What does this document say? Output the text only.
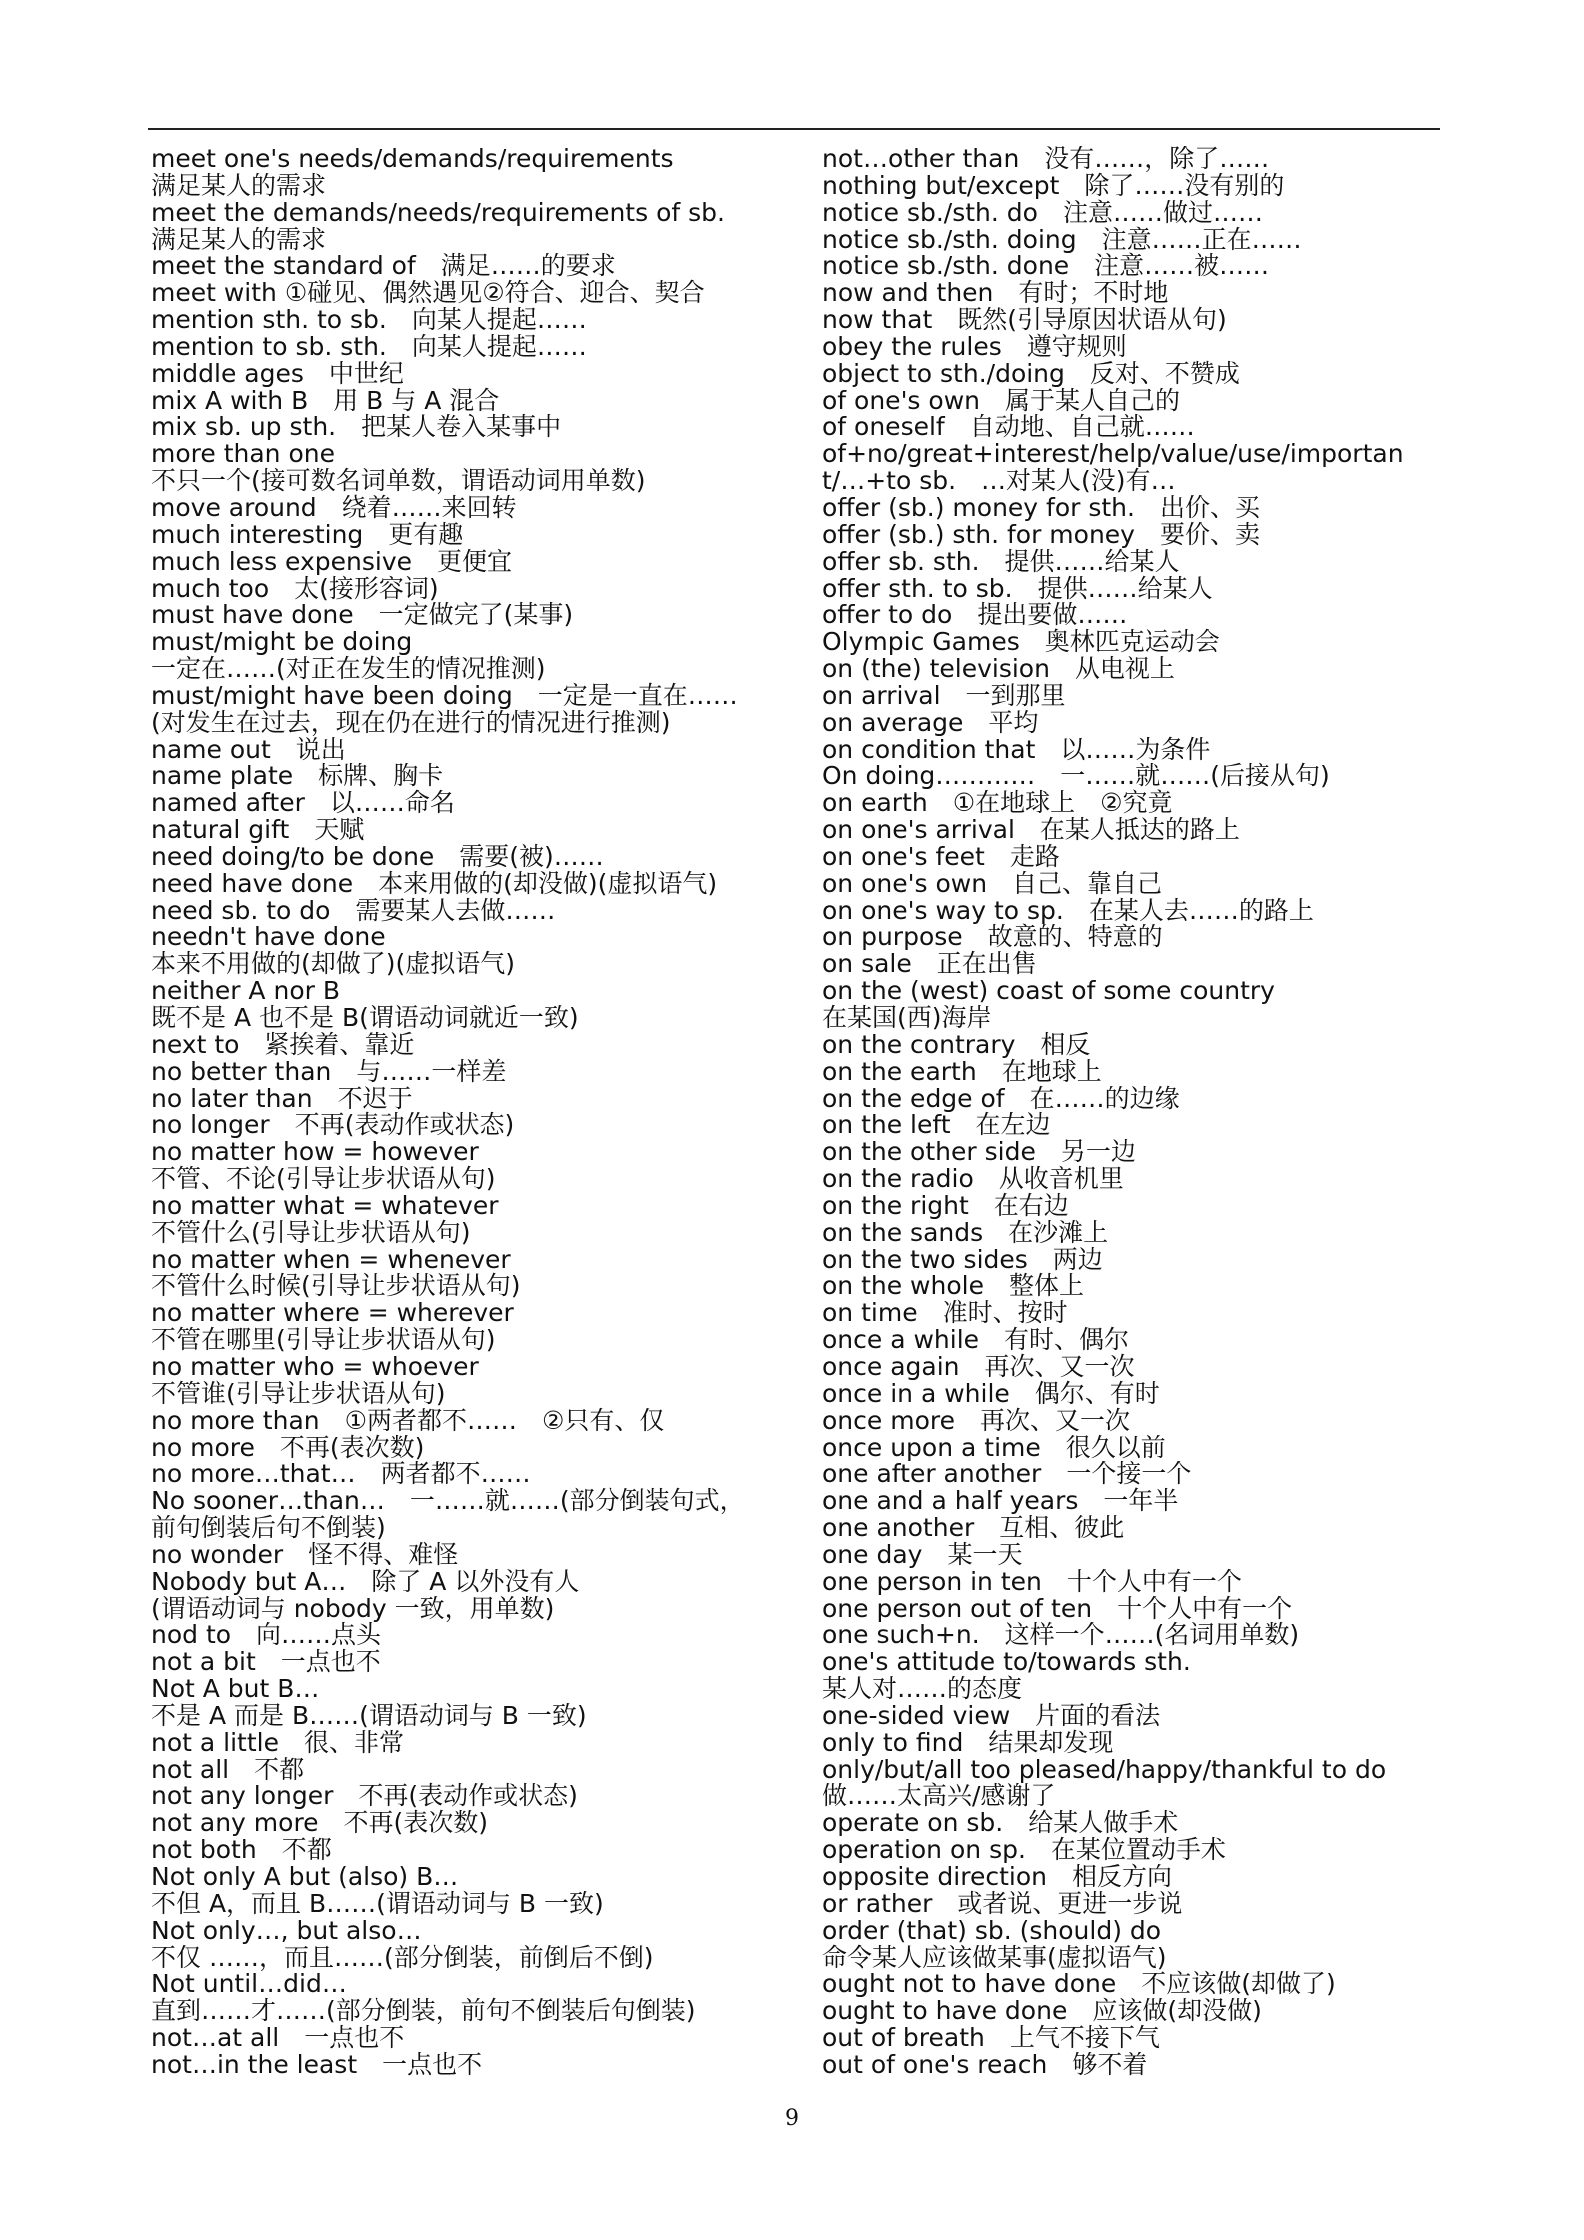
meet one's needs/demands/requirements
满足某人的需求
meet the demands/needs/requirements of sb.
满足某人的需求
meet the standard of　满足……的要求
meet with ①碰见、偶然遇见②符合、迎合、契合
mention sth. to sb.　向某人提起……
mention to sb. sth.　向某人提起……
middle ages　中世纪
mix A with B　用 B 与 A 混合
mix sb. up sth.　把某人卷入某事中
more than one
不只一个(接可数名词单数，谓语动词用单数)
move around　绕着……来回转
much interesting　更有趣
much less expensive　更便宜
much too　太(接形容词)
must have done　一定做完了(某事)
must/might be doing
一定在……(对正在发生的情况推测)
must/might have been doing　一定是一直在……
(对发生在过去，现在仍在进行的情况进行推测)
name out　说出
name plate　标牌、胸卡
named after　以……命名
natural gift　天赋
need doing/to be done　需要(被)……
need have done　本来用做的(却没做)(虚拟语气)
need sb. to do　需要某人去做……
needn't have done
本来不用做的(却做了)(虚拟语气)
neither A nor B
既不是 A 也不是 B(谓语动词就近一致)
next to　紧挨着、靠近
no better than　与……一样差
no later than　不迟于
no longer　不再(表动作或状态)
no matter how = however
不管、不论(引导让步状语从句)
no matter what = whatever
不管什么(引导让步状语从句)
no matter when = whenever
不管什么时候(引导让步状语从句)
no matter where = wherever
不管在哪里(引导让步状语从句)
no matter who = whoever
不管谁(引导让步状语从句)
no more than　①两者都不……　②只有、仅
no more　不再(表次数)
no more…that…　两者都不……
No sooner…than…　一……就……(部分倒装句式，
前句倒装后句不倒装)
no wonder　怪不得、难怪
Nobody but A…　除了 A 以外没有人
(谓语动词与 nobody 一致，用单数)
nod to　向……点头
not a bit　一点也不
Not A but B…
不是 A 而是 B……(谓语动词与 B 一致)
not a little　很、非常
not all　不都
not any longer　不再(表动作或状态)
not any more　不再(表次数)
not both　不都
Not only A but (also) B…
不但 A，而且 B……(谓语动词与 B 一致)
Not only…, but also…
不仅 ……，而且……(部分倒装，前倒后不倒)
Not until…did…
直到……才……(部分倒装，前句不倒装后句倒装)
not…at all　一点也不
not…in the least　一点也不
not…other than　没有……，除了……
nothing but/except　除了……没有别的
notice sb./sth. do　注意……做过……
notice sb./sth. doing　注意……正在……
notice sb./sth. done　注意……被……
now and then　有时；不时地
now that　既然(引导原因状语从句)
obey the rules　遵守规则
object to sth./doing　反对、不赞成
of one's own　属于某人自己的
of oneself　自动地、自己就……
of+no/great+interest/help/value/use/importan
t/…+to sb.　…对某人(没)有…
offer (sb.) money for sth.　出价、买
offer (sb.) sth. for money　要价、卖
offer sb. sth.　提供……给某人
offer sth. to sb.　提供……给某人
offer to do　提出要做……
Olympic Games　奥林匹克运动会
on (the) television　从电视上
on arrival　一到那里
on average　平均
on condition that　以……为条件
On doing…………　一……就……(后接从句)
on earth　①在地球上　②究竟
on one's arrival　在某人抵达的路上
on one's feet　走路
on one's own　自己、靠自己
on one's way to sp.　在某人去……的路上
on purpose　故意的、特意的
on sale　正在出售
on the (west) coast of some country
在某国(西)海岸
on the contrary　相反
on the earth　在地球上
on the edge of　在……的边缘
on the left　在左边
on the other side　另一边
on the radio　从收音机里
on the right　在右边
on the sands　在沙滩上
on the two sides　两边
on the whole　整体上
on time　准时、按时
once a while　有时、偶尔
once again　再次、又一次
once in a while　偶尔、有时
once more　再次、又一次
once upon a time　很久以前
one after another　一个接一个
one and a half years　一年半
one another　互相、彼此
one day　某一天
one person in ten　十个人中有一个
one person out of ten　十个人中有一个
one such+n.　这样一个……(名词用单数)
one's attitude to/towards sth.
某人对……的态度
one-sided view　片面的看法
only to find　结果却发现
only/but/all too pleased/happy/thankful to do
做……太高兴/感谢了
operate on sb.　给某人做手术
operation on sp.　在某位置动手术
opposite direction　相反方向
or rather　或者说、更进一步说
order (that) sb. (should) do
命令某人应该做某事(虚拟语气)
ought not to have done　不应该做(却做了)
ought to have done　应该做(却没做)
out of breath　上气不接下气
out of one's reach　够不着
9
